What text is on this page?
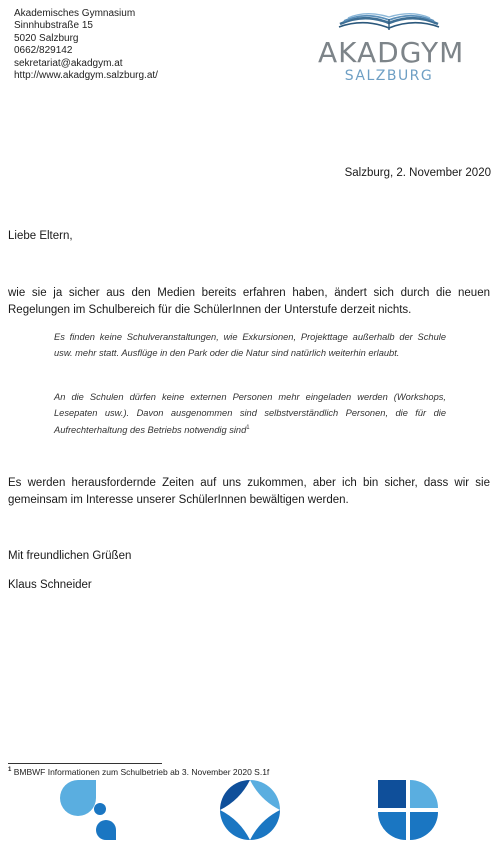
Akademisches Gymnasium
Sinnhubstraße 15
5020 Salzburg
0662/829142
sekretariat@akadgym.at
http://www.akadgym.salzburg.at/
AKADGYM
SALZBURG
Salzburg, 2. November 2020
Liebe Eltern,

wie sie ja sicher aus den Medien bereits erfahren haben, ändert sich durch die neuen Regelungen im Schulbereich für die SchülerInnen der Unterstufe derzeit nichts.

Es finden keine Schulveranstaltungen, wie Exkursionen, Projekttage außerhalb der Schule usw. mehr statt. Ausflüge in den Park oder die Natur sind natürlich weiterhin erlaubt.

An die Schulen dürfen keine externen Personen mehr eingeladen werden (Workshops, Lesepaten usw.). Davon ausgenommen sind selbstverständlich Personen, die für die Aufrechterhaltung des Betriebs notwendig sind$^1$

Es werden herausfordernde Zeiten auf uns zukommen, aber ich bin sicher, dass wir sie gemeinsam im Interesse unserer SchülerInnen bewältigen werden.

Mit freundlichen Grüßen
Klaus Schneider
$^1$ BMBWF Informationen zum Schulbetrieb ab 3. November 2020 S.1f
